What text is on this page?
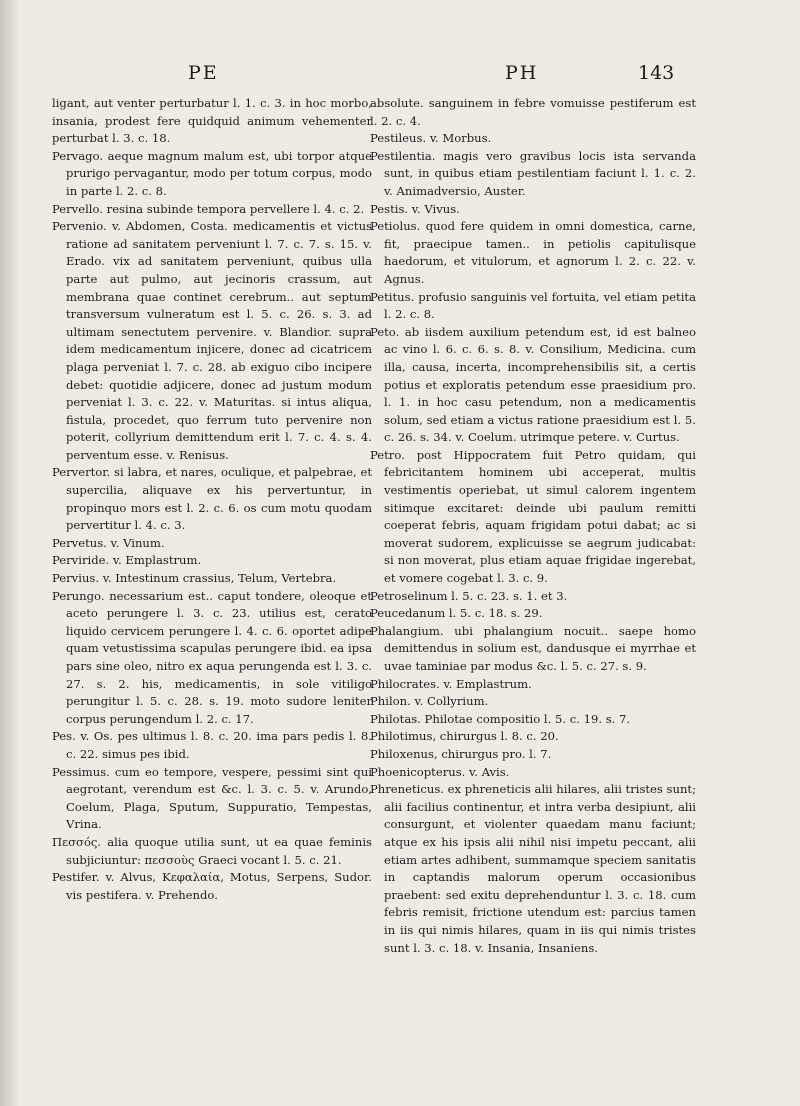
PE	PH	143

ligant, aut venter perturbatur l. 1. c. 3. in hoc morbo, insania, prodest fere quidquid animum vehementer perturbat l. 3. c. 18.

Pervago. aeque magnum malum est, ubi torpor atque prurigo pervagantur, modo per totum corpus, modo in parte l. 2. c. 8.

Pervello. resina subinde tempora pervellere l. 4. c. 2.

Pervenio. v. Abdomen, Costa. medicamentis et victus ratione ad sanitatem perveniunt l. 7. c. 7. s. 15. v. Erado. vix ad sanitatem perveniunt, quibus ulla parte aut pulmo, aut jecinoris crassum, aut membrana quae continet cerebrum.. aut septum transversum vulneratum est l. 5. c. 26. s. 3. ad ultimam senectutem pervenire. v. Blandior. supra idem medicamentum injicere, donec ad cicatricem plaga perveniat l. 7. c. 28. ab exiguo cibo incipere debet: quotidie adjicere, donec ad justum modum perveniat l. 3. c. 22. v. Maturitas. si intus aliqua, fistula, procedet, quo ferrum tuto pervenire non poterit, collyrium demittendum erit l. 7. c. 4. s. 4. perventum esse. v. Renisus.

Pervertor. si labra, et nares, oculique, et palpebrae, et supercilia, aliquave ex his pervertuntur, in propinquo mors est l. 2. c. 6. os cum motu quodam pervertitur l. 4. c. 3.

Pervetus. v. Vinum.

Perviride. v. Emplastrum.

Pervius. v. Intestinum crassius, Telum, Vertebra.

Perungo. necessarium est.. caput tondere, oleoque et aceto perungere l. 3. c. 23. utilius est, cerato liquido cervicem perungere l. 4. c. 6. oportet adipe quam vetustissima scapulas perungere ibid. ea ipsa pars sine oleo, nitro ex aqua perungenda est l. 3. c. 27. s. 2. his, medicamentis, in sole vitiligo perungitur l. 5. c. 28. s. 19. moto sudore leniter corpus perungendum l. 2. c. 17.

Pes. v. Os. pes ultimus l. 8. c. 20. ima pars pedis l. 8. c. 22. simus pes ibid.

Pessimus. cum eo tempore, vespere, pessimi sint qui aegrotant, verendum est &c. l. 3. c. 5. v. Arundo, Coelum, Plaga, Sputum, Suppuratio, Tempestas, Vrina.

Πεσσός. alia quoque utilia sunt, ut ea quae feminis subjiciuntur: πεσσοὺς Graeci vocant l. 5. c. 21.

Pestifer. v. Alvus, Κεφαλαία, Motus, Serpens, Sudor. vis pestifera. v. Prehendo.

absolute. sanguinem in febre vomuisse pestiferum est l. 2. c. 4.

Pestileus. v. Morbus.

Pestilentia. magis vero gravibus locis ista servanda sunt, in quibus etiam pestilentiam faciunt l. 1. c. 2. v. Animadversio, Auster.

Pestis. v. Vivus.

Petiolus. quod fere quidem in omni domestica, carne, fit, praecipue tamen.. in petiolis capitulisque haedorum, et vitulorum, et agnorum l. 2. c. 22. v. Agnus.

Petitus. profusio sanguinis vel fortuita, vel etiam petita l. 2. c. 8.

Peto. ab iisdem auxilium petendum est, id est balneo ac vino l. 6. c. 6. s. 8. v. Consilium, Medicina. cum illa, causa, incerta, incomprehensibilis sit, a certis potius et exploratis petendum esse praesidium pro. l. 1. in hoc casu petendum, non a medicamentis solum, sed etiam a victus ratione praesidium est l. 5. c. 26. s. 34. v. Coelum. utrimque petere. v. Curtus.

Petro. post Hippocratem fuit Petro quidam, qui febricitantem hominem ubi acceperat, multis vestimentis operiebat, ut simul calorem ingentem sitimque excitaret: deinde ubi paulum remitti coeperat febris, aquam frigidam potui dabat; ac si moverat sudorem, explicuisse se aegrum judicabat: si non moverat, plus etiam aquae frigidae ingerebat, et vomere cogebat l. 3. c. 9.

Petroselinum l. 5. c. 23. s. 1. et 3.

Peucedanum l. 5. c. 18. s. 29.

Phalangium. ubi phalangium nocuit.. saepe homo demittendus in solium est, dandusque ei myrrhae et uvae taminiae par modus &c. l. 5. c. 27. s. 9.

Philocrates. v. Emplastrum.

Philon. v. Collyrium.

Philotas. Philotae compositio l. 5. c. 19. s. 7.

Philotimus, chirurgus l. 8. c. 20.

Philoxenus, chirurgus pro. l. 7.

Phoenicopterus. v. Avis.

Phreneticus. ex phreneticis alii hilares, alii tristes sunt; alii facilius continentur, et intra verba desipiunt, alii consurgunt, et violenter quaedam manu faciunt; atque ex his ipsis alii nihil nisi impetu peccant, alii etiam artes adhibent, summamque speciem sanitatis in captandis malorum operum occasionibus praebent: sed exitu deprehenduntur l. 3. c. 18. cum febris remisit, frictione utendum est: parcius tamen in iis qui nimis hilares, quam in iis qui nimis tristes sunt l. 3. c. 18. v. Insania, Insaniens.
